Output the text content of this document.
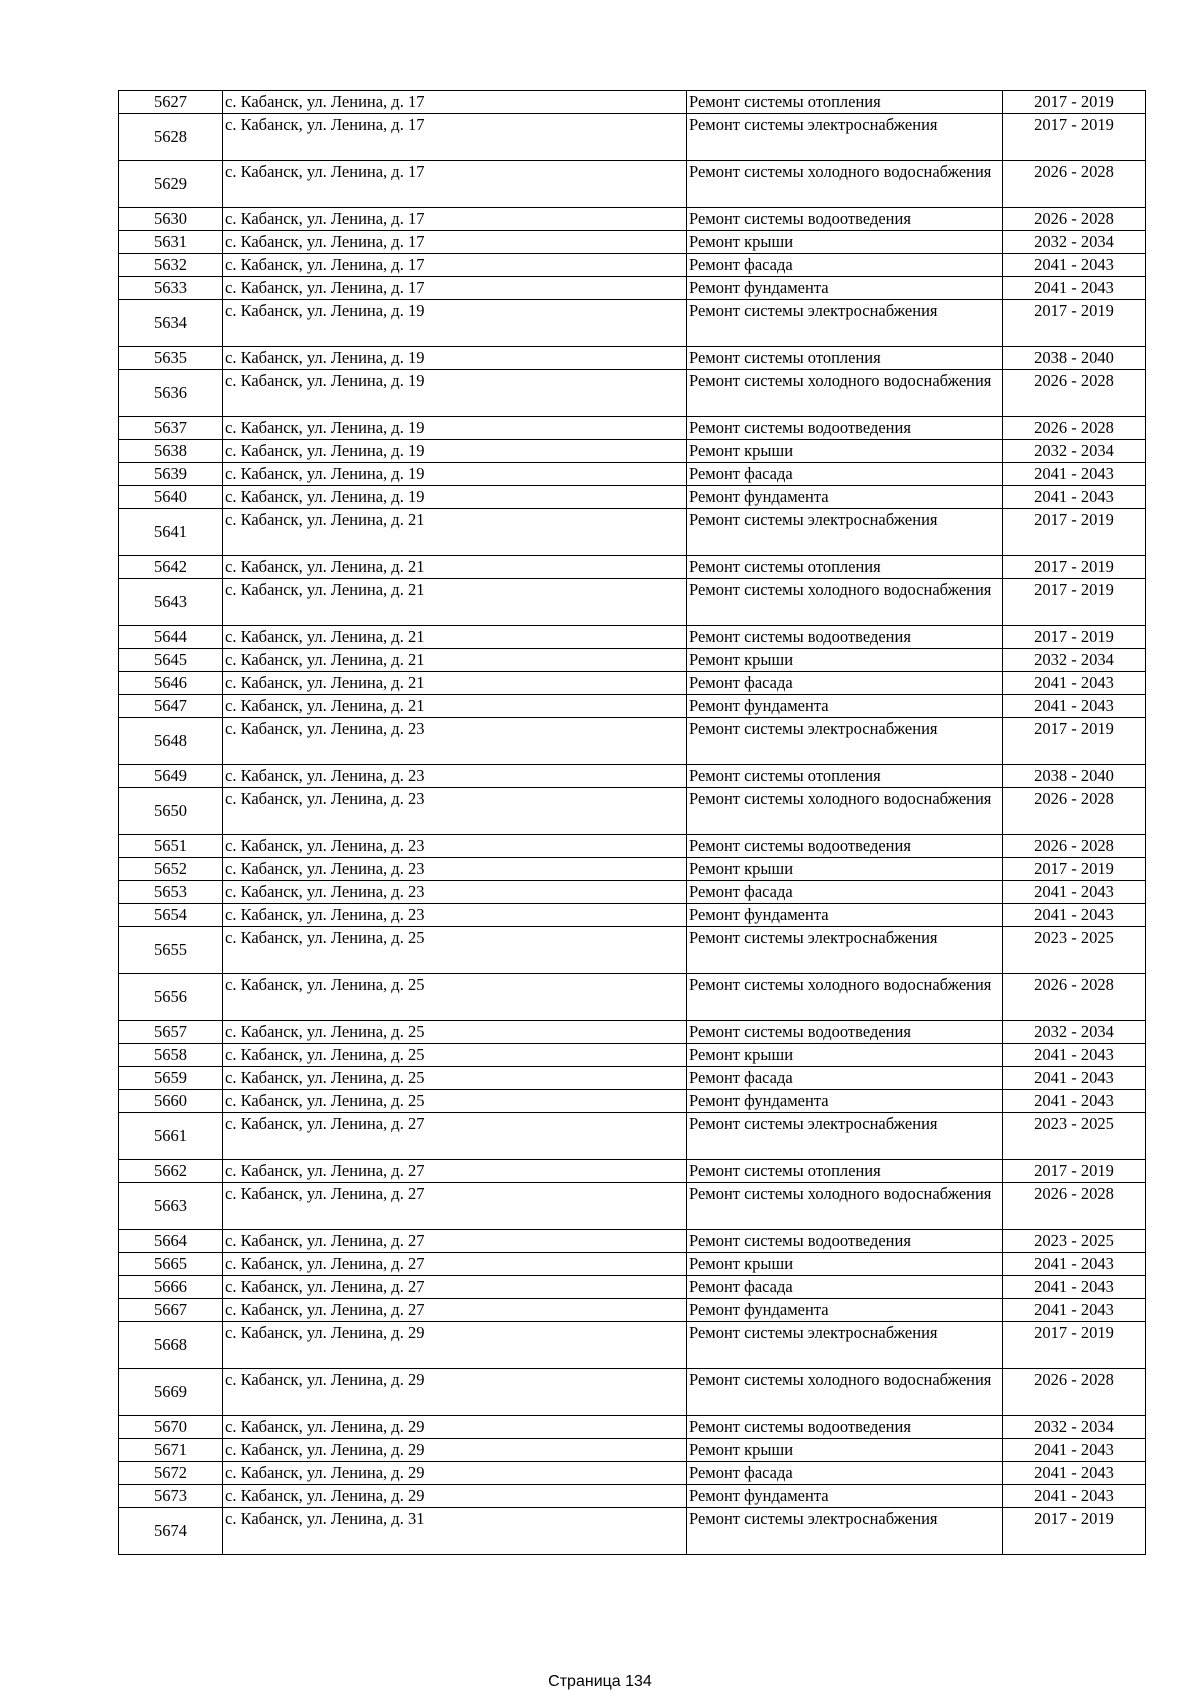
5627	с. Кабанск, ул. Ленина, д. 17	Ремонт системы отопления	2017 - 2019
5628	с. Кабанск, ул. Ленина, д. 17	Ремонт системы электроснабжения	2017 - 2019
5629	с. Кабанск, ул. Ленина, д. 17	Ремонт системы холодного водоснабжения	2026 - 2028
5630	с. Кабанск, ул. Ленина, д. 17	Ремонт системы водоотведения	2026 - 2028
5631	с. Кабанск, ул. Ленина, д. 17	Ремонт крыши	2032 - 2034
5632	с. Кабанск, ул. Ленина, д. 17	Ремонт фасада	2041 - 2043
5633	с. Кабанск, ул. Ленина, д. 17	Ремонт фундамента	2041 - 2043
5634	с. Кабанск, ул. Ленина, д. 19	Ремонт системы электроснабжения	2017 - 2019
5635	с. Кабанск, ул. Ленина, д. 19	Ремонт системы отопления	2038 - 2040
5636	с. Кабанск, ул. Ленина, д. 19	Ремонт системы холодного водоснабжения	2026 - 2028
5637	с. Кабанск, ул. Ленина, д. 19	Ремонт системы водоотведения	2026 - 2028
5638	с. Кабанск, ул. Ленина, д. 19	Ремонт крыши	2032 - 2034
5639	с. Кабанск, ул. Ленина, д. 19	Ремонт фасада	2041 - 2043
5640	с. Кабанск, ул. Ленина, д. 19	Ремонт фундамента	2041 - 2043
5641	с. Кабанск, ул. Ленина, д. 21	Ремонт системы электроснабжения	2017 - 2019
5642	с. Кабанск, ул. Ленина, д. 21	Ремонт системы отопления	2017 - 2019
5643	с. Кабанск, ул. Ленина, д. 21	Ремонт системы холодного водоснабжения	2017 - 2019
5644	с. Кабанск, ул. Ленина, д. 21	Ремонт системы водоотведения	2017 - 2019
5645	с. Кабанск, ул. Ленина, д. 21	Ремонт крыши	2032 - 2034
5646	с. Кабанск, ул. Ленина, д. 21	Ремонт фасада	2041 - 2043
5647	с. Кабанск, ул. Ленина, д. 21	Ремонт фундамента	2041 - 2043
5648	с. Кабанск, ул. Ленина, д. 23	Ремонт системы электроснабжения	2017 - 2019
5649	с. Кабанск, ул. Ленина, д. 23	Ремонт системы отопления	2038 - 2040
5650	с. Кабанск, ул. Ленина, д. 23	Ремонт системы холодного водоснабжения	2026 - 2028
5651	с. Кабанск, ул. Ленина, д. 23	Ремонт системы водоотведения	2026 - 2028
5652	с. Кабанск, ул. Ленина, д. 23	Ремонт крыши	2017 - 2019
5653	с. Кабанск, ул. Ленина, д. 23	Ремонт фасада	2041 - 2043
5654	с. Кабанск, ул. Ленина, д. 23	Ремонт фундамента	2041 - 2043
5655	с. Кабанск, ул. Ленина, д. 25	Ремонт системы электроснабжения	2023 - 2025
5656	с. Кабанск, ул. Ленина, д. 25	Ремонт системы холодного водоснабжения	2026 - 2028
5657	с. Кабанск, ул. Ленина, д. 25	Ремонт системы водоотведения	2032 - 2034
5658	с. Кабанск, ул. Ленина, д. 25	Ремонт крыши	2041 - 2043
5659	с. Кабанск, ул. Ленина, д. 25	Ремонт фасада	2041 - 2043
5660	с. Кабанск, ул. Ленина, д. 25	Ремонт фундамента	2041 - 2043
5661	с. Кабанск, ул. Ленина, д. 27	Ремонт системы электроснабжения	2023 - 2025
5662	с. Кабанск, ул. Ленина, д. 27	Ремонт системы отопления	2017 - 2019
5663	с. Кабанск, ул. Ленина, д. 27	Ремонт системы холодного водоснабжения	2026 - 2028
5664	с. Кабанск, ул. Ленина, д. 27	Ремонт системы водоотведения	2023 - 2025
5665	с. Кабанск, ул. Ленина, д. 27	Ремонт крыши	2041 - 2043
5666	с. Кабанск, ул. Ленина, д. 27	Ремонт фасада	2041 - 2043
5667	с. Кабанск, ул. Ленина, д. 27	Ремонт фундамента	2041 - 2043
5668	с. Кабанск, ул. Ленина, д. 29	Ремонт системы электроснабжения	2017 - 2019
5669	с. Кабанск, ул. Ленина, д. 29	Ремонт системы холодного водоснабжения	2026 - 2028
5670	с. Кабанск, ул. Ленина, д. 29	Ремонт системы водоотведения	2032 - 2034
5671	с. Кабанск, ул. Ленина, д. 29	Ремонт крыши	2041 - 2043
5672	с. Кабанск, ул. Ленина, д. 29	Ремонт фасада	2041 - 2043
5673	с. Кабанск, ул. Ленина, д. 29	Ремонт фундамента	2041 - 2043
5674	с. Кабанск, ул. Ленина, д. 31	Ремонт системы электроснабжения	2017 - 2019
Страница 134
